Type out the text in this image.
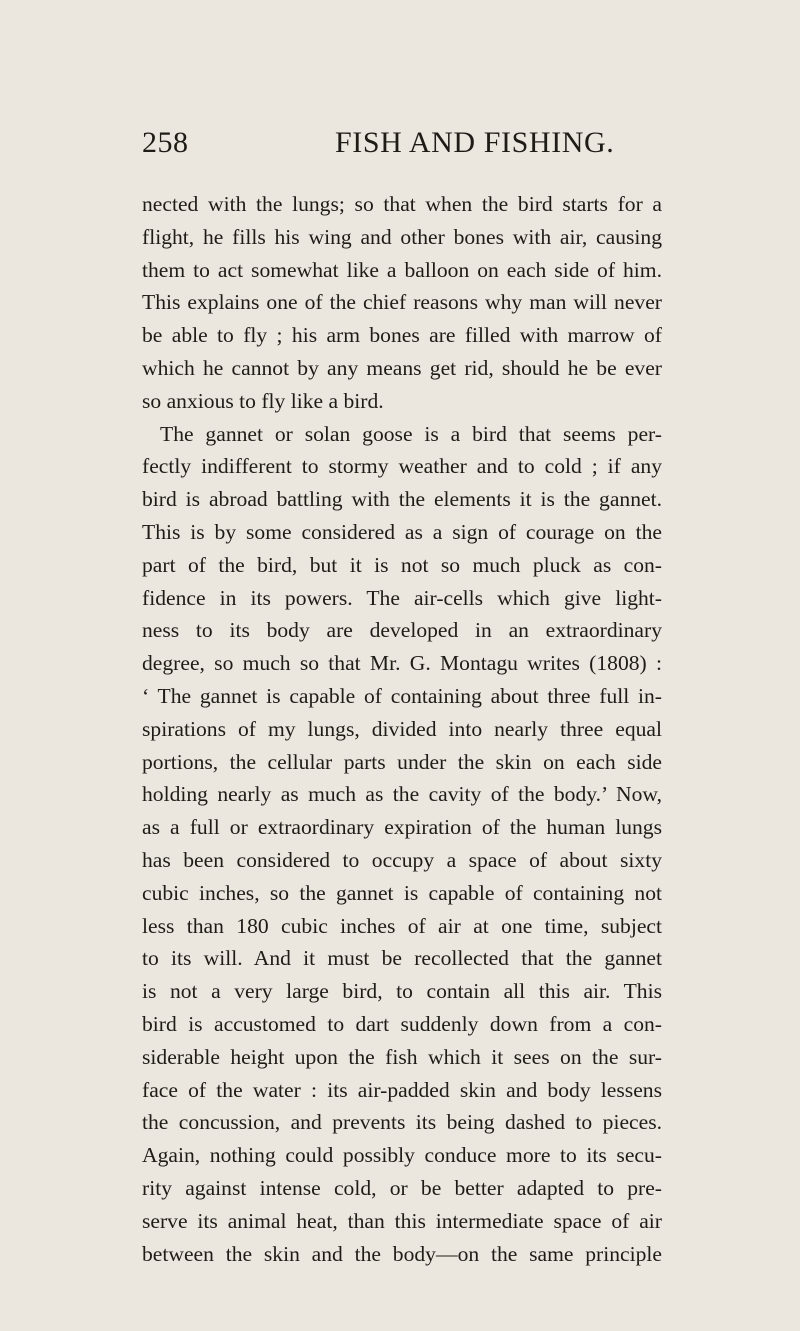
258	FISH AND FISHING.
nected with the lungs; so that when the bird starts for a
flight, he fills his wing and other bones with air, causing
them to act somewhat like a balloon on each side of him.
This explains one of the chief reasons why man will never
be able to fly ; his arm bones are filled with marrow of
which he cannot by any means get rid, should he be ever
so anxious to fly like a bird.
The gannet or solan goose is a bird that seems per-
fectly indifferent to stormy weather and to cold ; if any
bird is abroad battling with the elements it is the gannet.
This is by some considered as a sign of courage on the
part of the bird, but it is not so much pluck as con-
fidence in its powers. The air-cells which give light-
ness to its body are developed in an extraordinary
degree, so much so that Mr. G. Montagu writes (1808) :
‘ The gannet is capable of containing about three full in-
spirations of my lungs, divided into nearly three equal
portions, the cellular parts under the skin on each side
holding nearly as much as the cavity of the body.’ Now,
as a full or extraordinary expiration of the human lungs
has been considered to occupy a space of about sixty
cubic inches, so the gannet is capable of containing not
less than 180 cubic inches of air at one time, subject
to its will. And it must be recollected that the gannet
is not a very large bird, to contain all this air. This
bird is accustomed to dart suddenly down from a con-
siderable height upon the fish which it sees on the sur-
face of the water : its air-padded skin and body lessens
the concussion, and prevents its being dashed to pieces.
Again, nothing could possibly conduce more to its secu-
rity against intense cold, or be better adapted to pre-
serve its animal heat, than this intermediate space of air
between the skin and the body—on the same principle
